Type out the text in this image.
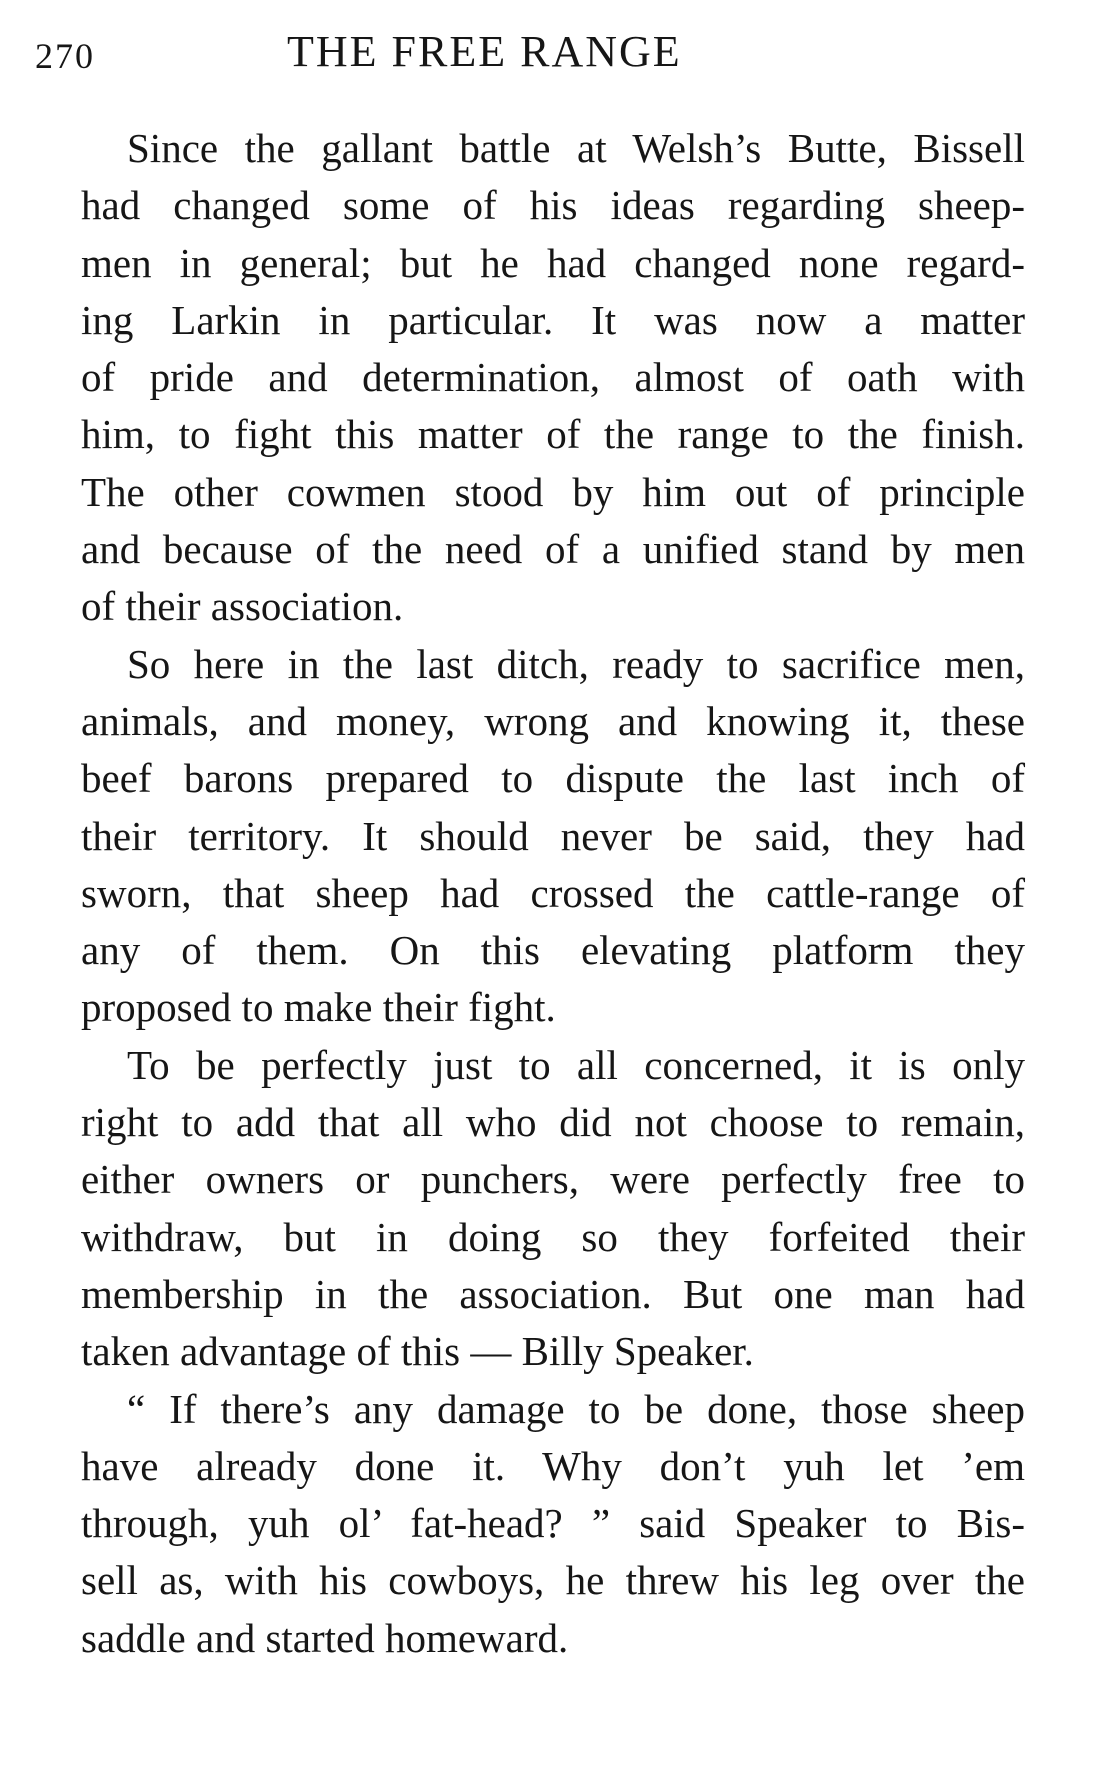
270	THE FREE RANGE
Since the gallant battle at Welsh’s Butte, Bissell
had changed some of his ideas regarding sheep-
men in general; but he had changed none regard-
ing Larkin in particular. It was now a matter
of pride and determination, almost of oath with
him, to fight this matter of the range to the finish.
The other cowmen stood by him out of principle
and because of the need of a unified stand by men
of their association.
So here in the last ditch, ready to sacrifice men,
animals, and money, wrong and knowing it, these
beef barons prepared to dispute the last inch of
their territory. It should never be said, they had
sworn, that sheep had crossed the cattle-range of
any of them. On this elevating platform they
proposed to make their fight.
To be perfectly just to all concerned, it is only
right to add that all who did not choose to remain,
either owners or punchers, were perfectly free to
withdraw, but in doing so they forfeited their
membership in the association. But one man had
taken advantage of this — Billy Speaker.
“ If there’s any damage to be done, those sheep
have already done it. Why don’t yuh let ’em
through, yuh ol’ fat-head? ” said Speaker to Bis-
sell as, with his cowboys, he threw his leg over the
saddle and started homeward.
